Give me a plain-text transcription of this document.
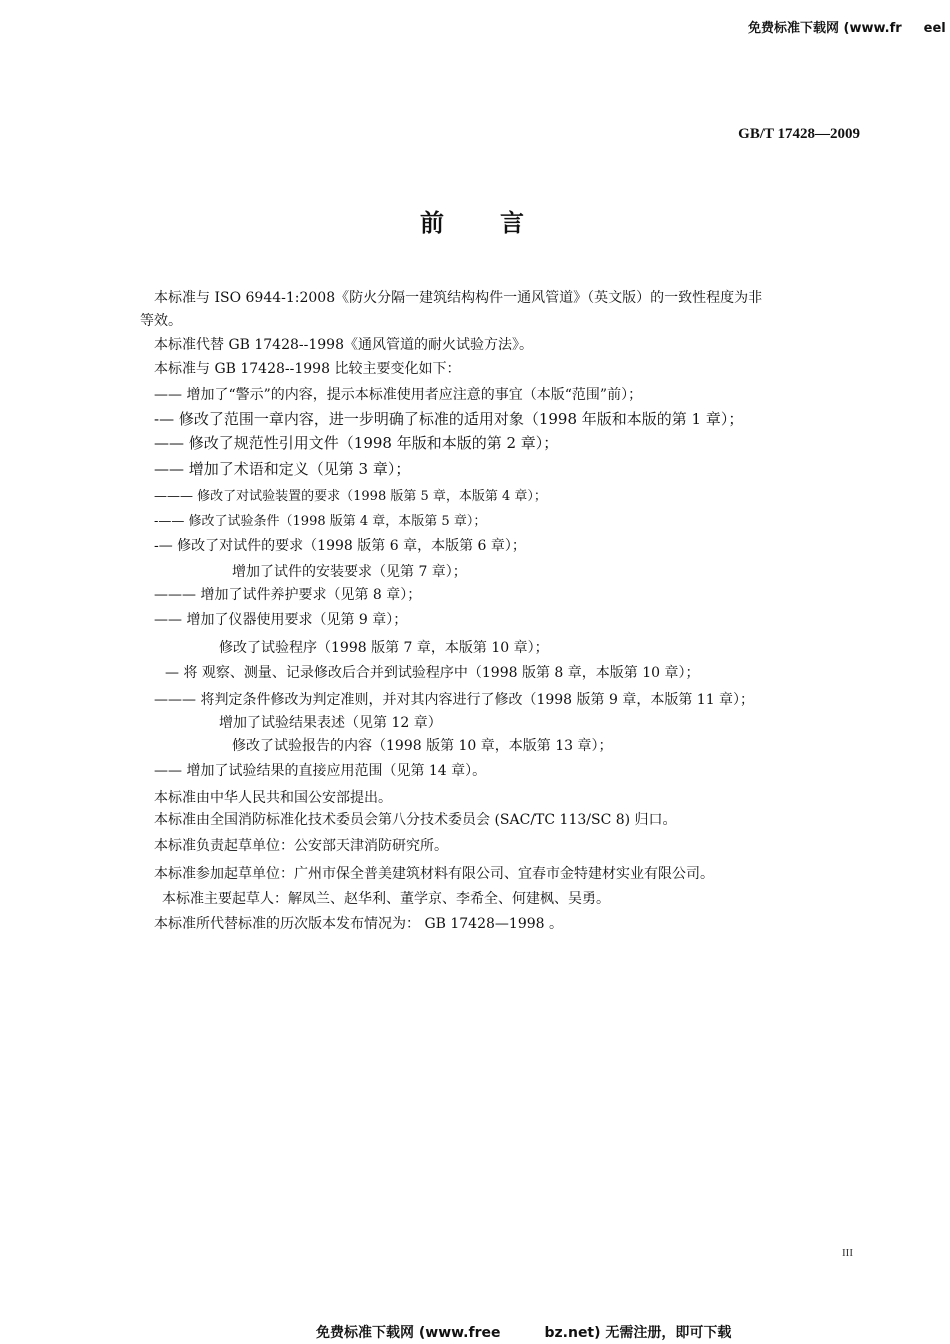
免费标准下载网 (www.fr eel
GB/T 17428—2009
前言
本标准与 ISO 6944-1:2008《防火分隔一建筑结构构件一通风管道》（英文版）的一致性程度为非
等效。
本标准代替 GB 17428--1998《通风管道的耐火试验方法》。
本标准与 GB 17428--1998 比较主要变化如下：
—— 增加了“警示”的内容，提示本标准使用者应注意的事宜（本版“范围”前）；
-— 修改了范围一章内容，进一步明确了标准的适用对象（1998 年版和本版的第 1 章）；
—— 修改了规范性引用文件（1998 年版和本版的第 2 章）；
—— 增加了术语和定义（见第 3 章）；
——— 修改了对试验装置的要求（1998 版第 5 章，本版第 4 章）；
-—— 修改了试验条件（1998 版第 4 章，本版第 5 章）；
-— 修改了对试件的要求（1998 版第 6 章，本版第 6 章）；
增加了试件的安装要求（见第 7 章）；
——— 增加了试件养护要求（见第 8 章）；
—— 增加了仪器使用要求（见第 9 章）；
修改了试验程序（1998 版第 7 章，本版第 10 章）；
— 将 观察、测量、记录修改后合并到试验程序中（1998 版第 8 章，本版第 10 章）；
——— 将判定条件修改为判定准则，并对其内容进行了修改（1998 版第 9 章，本版第 11 章）；
增加了试验结果表述（见第 12 章）
修改了试验报告的内容（1998 版第 10 章，本版第 13 章）；
—— 增加了试验结果的直接应用范围（见第 14 章）。
本标准由中华人民共和国公安部提出。
本标准由全国消防标准化技术委员会第八分技术委员会 (SAC/TC 113/SC 8) 归口。
本标准负责起草单位：公安部天津消防研究所。
本标准参加起草单位：广州市保全普美建筑材料有限公司、宜春市金特建材实业有限公司。
本标准主要起草人：解凤兰、赵华利、董学京、李希全、何建枫、吴勇。
本标准所代替标准的历次版本发布情况为： GB 17428—1998 。
III
免费标准下载网 (www.free	bz.net) 无需注册，即可下载
